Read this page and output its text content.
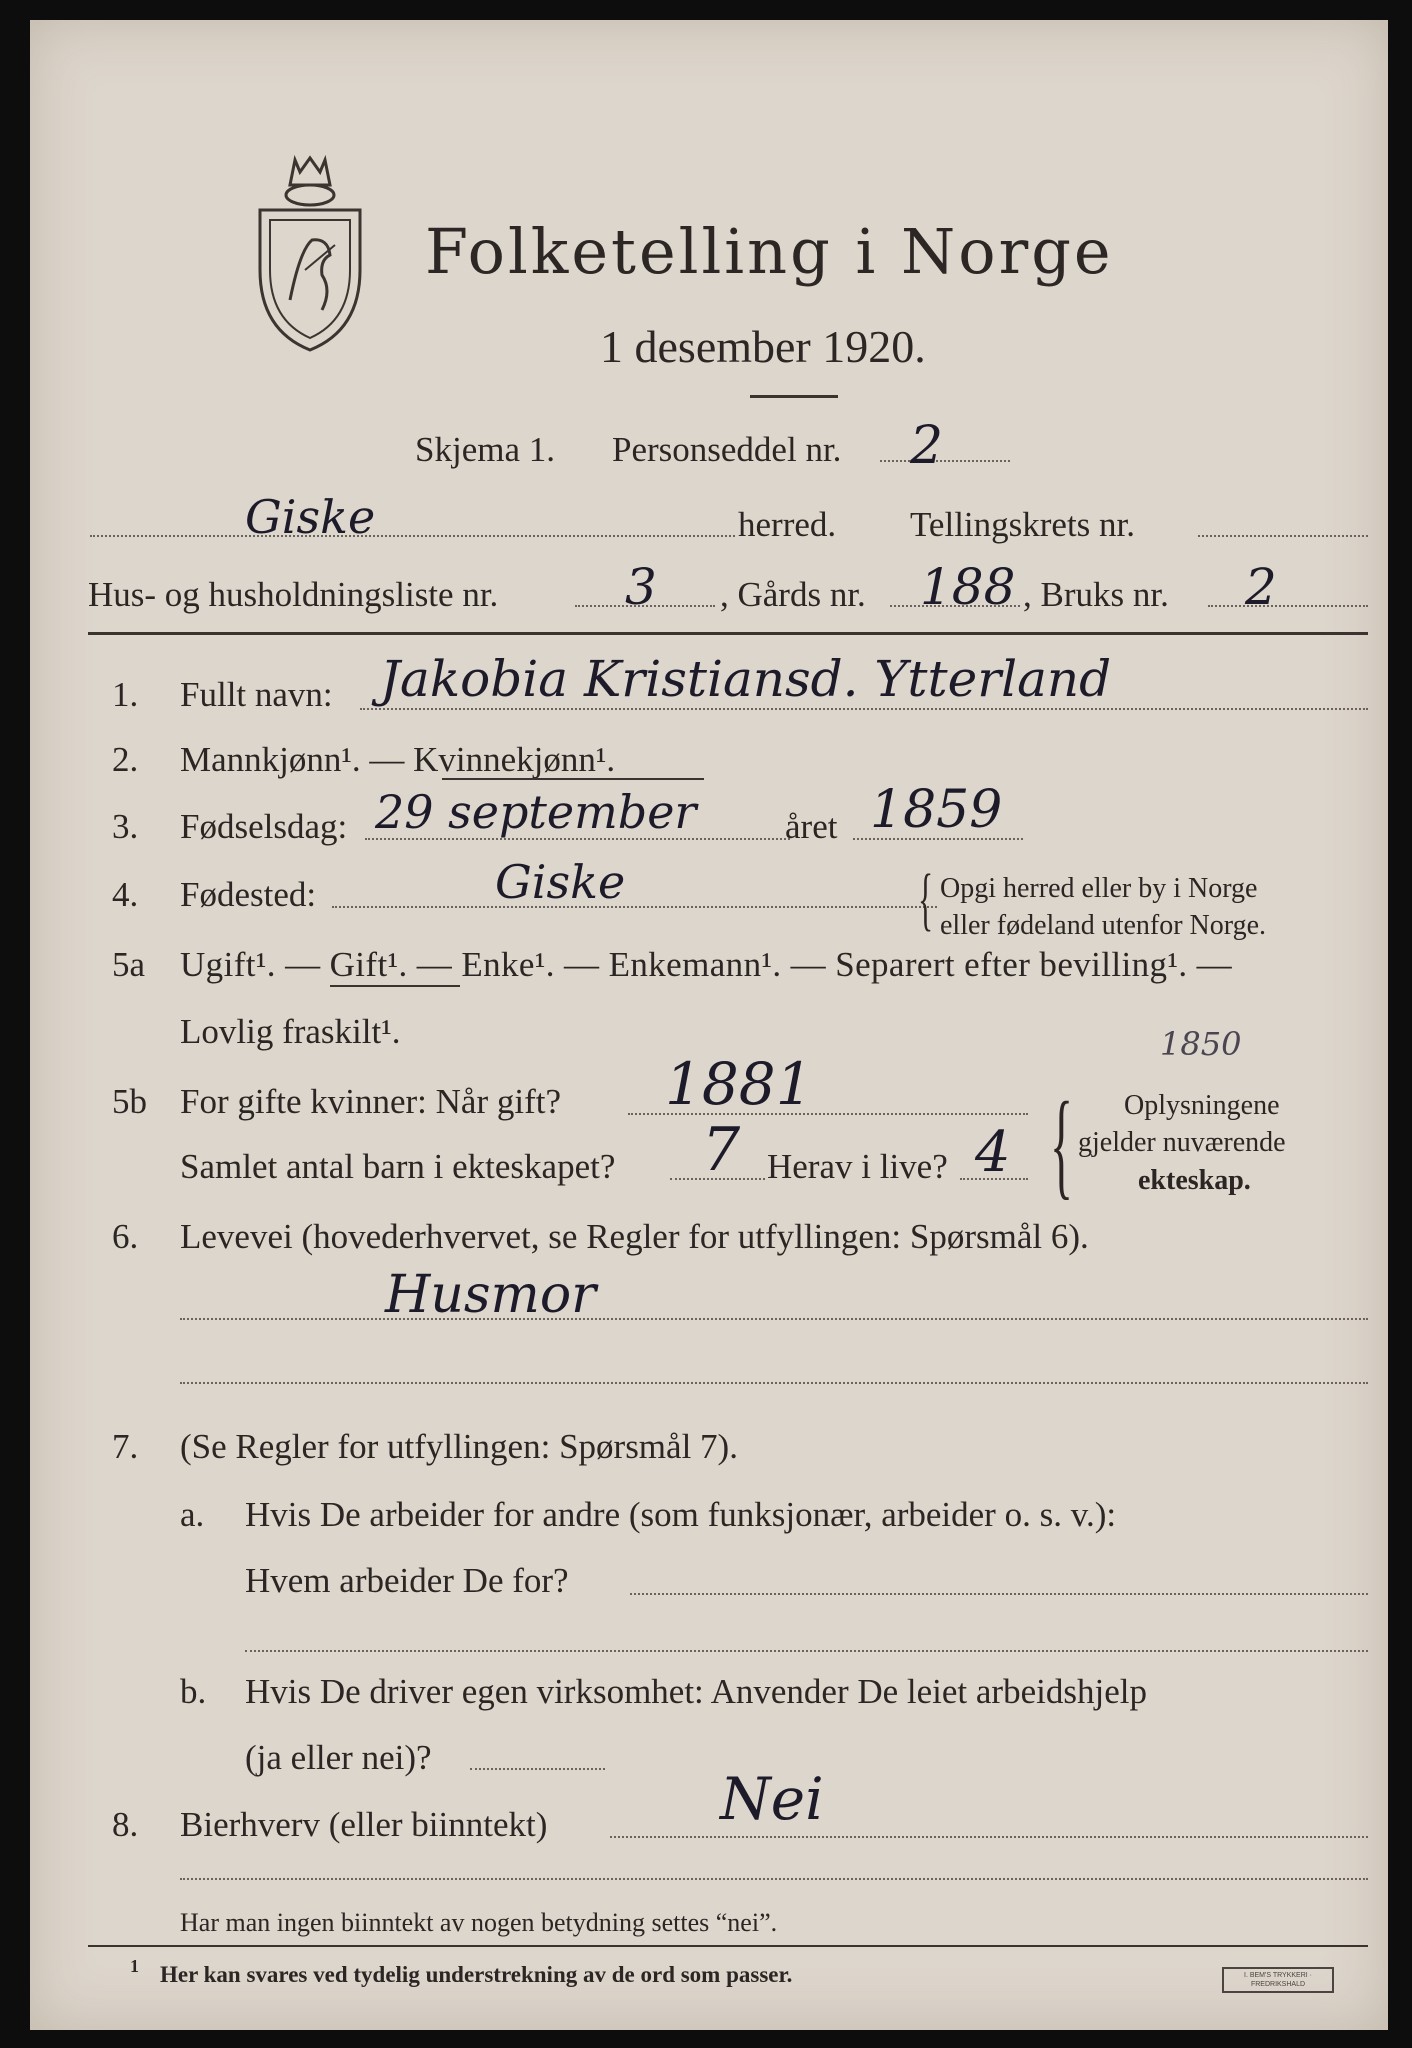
Folketelling i Norge
1 desember 1920.
Skjema 1. Personseddel nr. 2
Giske	herred. Tellingskrets nr.
Hus- og husholdningsliste nr.	3 , Gårds nr. 188 , Bruks nr. 2
1. Fullt navn: Jakobia Kristiansd. Ytterland
2. Mannkjønn¹. — Kvinnekjønn¹.
3. Fødselsdag: 29 september	året 1859
4. Fødested:	Giske	{ Opgi herred eller by i Norge
eller fødeland utenfor Norge.
5a Ugift¹. — Gift¹. — Enke¹. — Enkemann¹. — Separert efter bevilling¹. —
Lovlig fraskilt¹.
5b For gifte kvinner: Når gift? 1881
1850
Samlet antal barn i ekteskapet? 7 Herav i live? 4 { Oplysningene
gjelder nuværende
ekteskap.
6. Levevei (hovederhvervet, se Regler for utfyllingen: Spørsmål 6).
Husmor
7. (Se Regler for utfyllingen: Spørsmål 7).
a. Hvis De arbeider for andre (som funksjonær, arbeider o. s. v.):
Hvem arbeider De for?
b. Hvis De driver egen virksomhet: Anvender De leiet arbeidshjelp
(ja eller nei)?
8. Bierhverv (eller biinntekt)	Nei
Har man ingen biinntekt av nogen betydning settes “nei”.
1 Her kan svares ved tydelig understrekning av de ord som passer.	I. BEM'S TRYKKERI · FREDRIKSHALD
